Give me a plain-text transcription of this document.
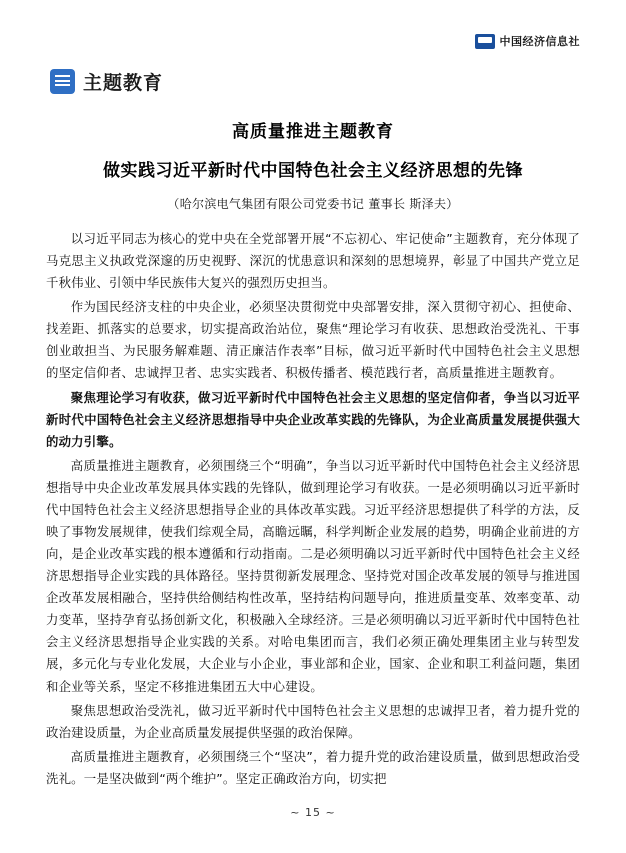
中国经济信息社
主题教育
高质量推进主题教育
做实践习近平新时代中国特色社会主义经济思想的先锋
（哈尔滨电气集团有限公司党委书记 董事长 斯泽夫）

以习近平同志为核心的党中央在全党部署开展“不忘初心、牢记使命”主题教育，充分体现了马克思主义执政党深邃的历史视野、深沉的忧患意识和深刻的思想境界，彰显了中国共产党立足千秋伟业、引领中华民族伟大复兴的强烈历史担当。

作为国民经济支柱的中央企业，必须坚决贯彻党中央部署安排，深入贯彻守初心、担使命、找差距、抓落实的总要求，切实提高政治站位，聚焦“理论学习有收获、思想政治受洗礼、干事创业敢担当、为民服务解难题、清正廉洁作表率”目标，做习近平新时代中国特色社会主义思想的坚定信仰者、忠诚捍卫者、忠实实践者、积极传播者、模范践行者，高质量推进主题教育。

聚焦理论学习有收获，做习近平新时代中国特色社会主义思想的坚定信仰者，争当以习近平新时代中国特色社会主义经济思想指导中央企业改革实践的先锋队，为企业高质量发展提供强大的动力引擎。

高质量推进主题教育，必须围绕三个“明确”，争当以习近平新时代中国特色社会主义经济思想指导中央企业改革发展具体实践的先锋队，做到理论学习有收获。一是必须明确以习近平新时代中国特色社会主义经济思想指导企业的具体改革实践。习近平经济思想提供了科学的方法，反映了事物发展规律，使我们综观全局，高瞻远瞩，科学判断企业发展的趋势，明确企业前进的方向，是企业改革实践的根本遵循和行动指南。二是必须明确以习近平新时代中国特色社会主义经济思想指导企业实践的具体路径。坚持贯彻新发展理念、坚持党对国企改革发展的领导与推进国企改革发展相融合，坚持供给侧结构性改革，坚持结构问题导向，推进质量变革、效率变革、动力变革，坚持孕育弘扬创新文化，积极融入全球经济。三是必须明确以习近平新时代中国特色社会主义经济思想指导企业实践的关系。对哈电集团而言，我们必须正确处理集团主业与转型发展，多元化与专业化发展，大企业与小企业，事业部和企业，国家、企业和职工利益问题，集团和企业等关系，坚定不移推进集团五大中心建设。

聚焦思想政治受洗礼，做习近平新时代中国特色社会主义思想的忠诚捍卫者，着力提升党的政治建设质量，为企业高质量发展提供坚强的政治保障。

高质量推进主题教育，必须围绕三个“坚决”，着力提升党的政治建设质量，做到思想政治受洗礼。一是坚决做到“两个维护”。坚定正确政治方向，切实把

~ 15 ~
